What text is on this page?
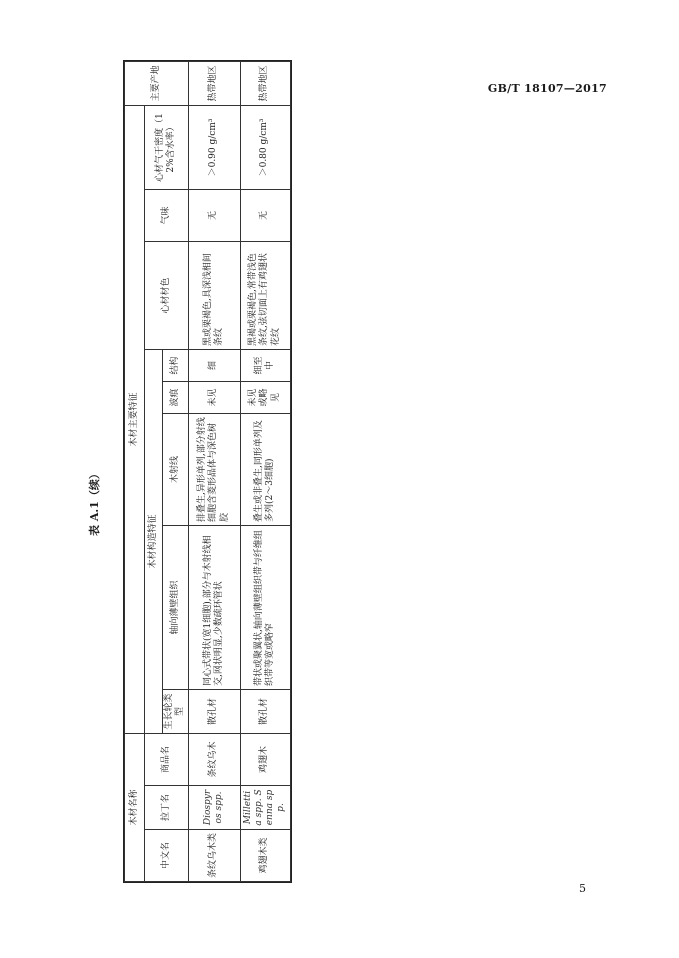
GB/T 18107—2017
表 A.1（续）
木材名称			木材主要特征								主要产地
中文名	拉丁名	商品名	木材构造特征					心材材色	气味	心材气干密度（12%含水率）	
			生长轮类型	轴向薄壁组织	木射线	波痕	结构				
条纹乌木类	Diospyros spp.	条纹乌木	散孔材	同心式带状(宽1细胞),部分与木射线相交,网状明显,少数疏环管状	排叠生,异形单列,部分射线细胞含菱形晶体与深色树胶	未见	细	黑或栗褐色,具深浅相间条纹	无	＞0.90 g/cm³	热带地区
鸡翅木类	Millettia spp. Senna spp.	鸡翅木	散孔材	带状或聚翼状,轴向薄壁组织带与纤维组织带等宽或略窄	叠生或非叠生,同形单列及多列(2～3细胞)	未见或略见	细至中	黑褐或栗褐色,常带浅色条纹,弦切面上有鸡翅状花纹	无	＞0.80 g/cm³	热带地区
5
